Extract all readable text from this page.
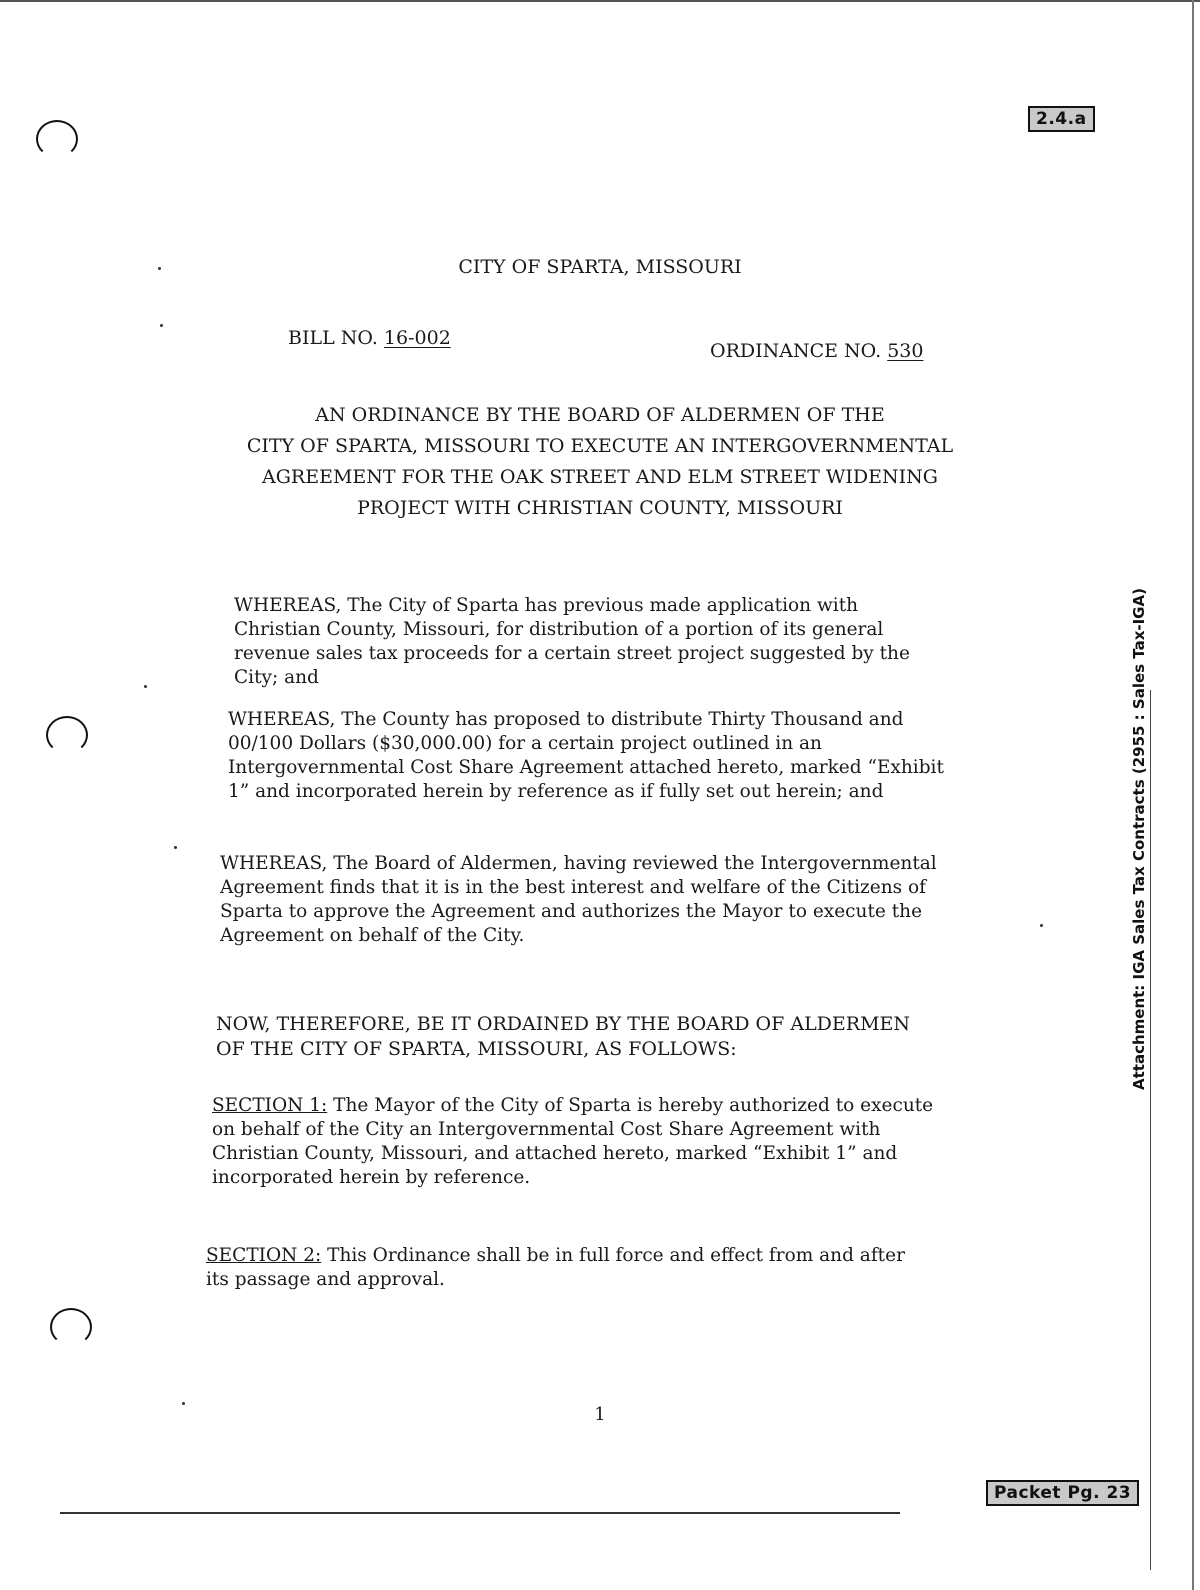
2.4.a
CITY OF SPARTA, MISSOURI
BILL NO. 16-002
ORDINANCE NO. 530
AN ORDINANCE BY THE BOARD OF ALDERMEN OF THE
CITY OF SPARTA, MISSOURI TO EXECUTE AN INTERGOVERNMENTAL
AGREEMENT FOR THE OAK STREET AND ELM STREET WIDENING
PROJECT WITH CHRISTIAN COUNTY, MISSOURI
WHEREAS, The City of Sparta has previous made application with Christian County, Missouri, for distribution of a portion of its general revenue sales tax proceeds for a certain street project suggested by the City; and
WHEREAS, The County has proposed to distribute Thirty Thousand and 00/100 Dollars ($30,000.00) for a certain project outlined in an Intergovernmental Cost Share Agreement attached hereto, marked “Exhibit 1” and incorporated herein by reference as if fully set out herein; and
WHEREAS, The Board of Aldermen, having reviewed the Intergovernmental Agreement finds that it is in the best interest and welfare of the Citizens of Sparta to approve the Agreement and authorizes the Mayor to execute the Agreement on behalf of the City.
NOW, THEREFORE, BE IT ORDAINED BY THE BOARD OF ALDERMEN
OF THE CITY OF SPARTA, MISSOURI, AS FOLLOWS:
SECTION 1: The Mayor of the City of Sparta is hereby authorized to execute on behalf of the City an Intergovernmental Cost Share Agreement with Christian County, Missouri, and attached hereto, marked “Exhibit 1” and incorporated herein by reference.
SECTION 2: This Ordinance shall be in full force and effect from and after its passage and approval.
1
Attachment: IGA Sales Tax Contracts (2955 : Sales Tax-IGA)
Packet Pg. 23
